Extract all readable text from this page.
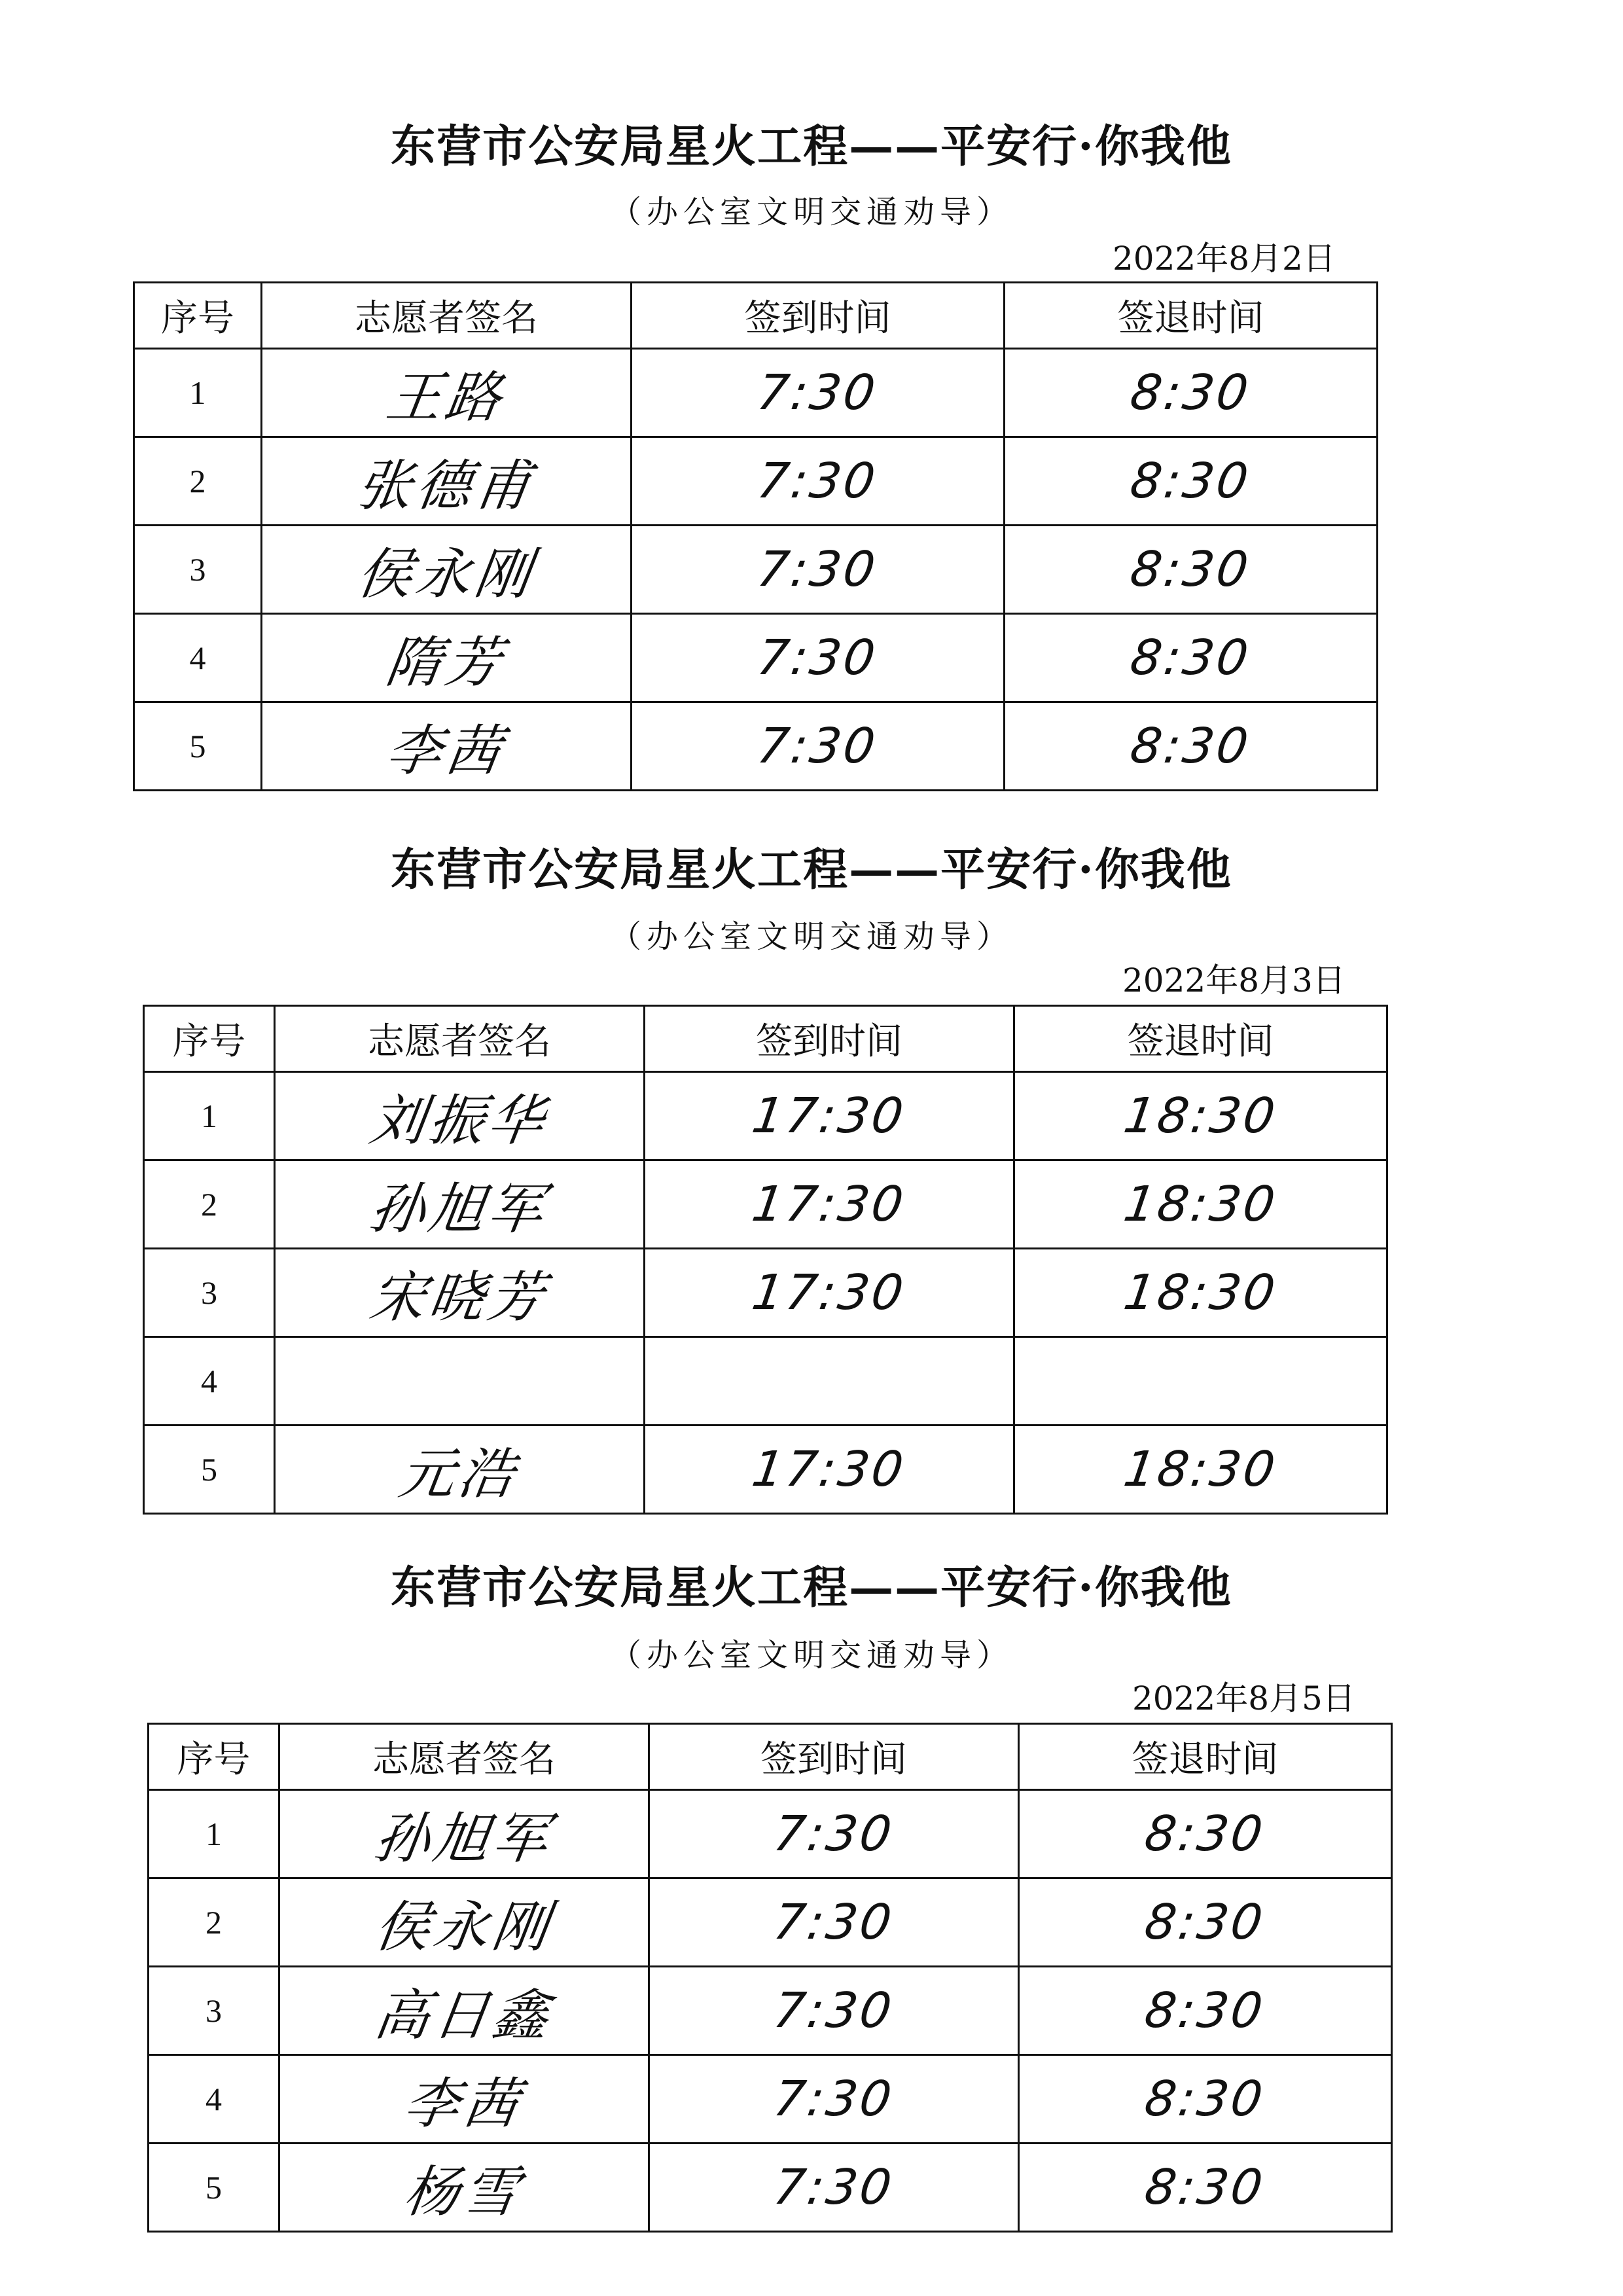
东营市公安局星火工程——平安行·你我他
（办公室文明交通劝导）
2022年8月2日
序号	志愿者签名	签到时间	签退时间
1	王路	7:30	8:30
2	张德甫	7:30	8:30
3	侯永刚	7:30	8:30
4	隋芳	7:30	8:30
5	李茜	7:30	8:30
东营市公安局星火工程——平安行·你我他
（办公室文明交通劝导）
2022年8月3日
序号	志愿者签名	签到时间	签退时间
1	刘振华	17:30	18:30
2	孙旭军	17:30	18:30
3	宋晓芳	17:30	18:30
4			
5	元浩	17:30	18:30
东营市公安局星火工程——平安行·你我他
（办公室文明交通劝导）
2022年8月5日
序号	志愿者签名	签到时间	签退时间
1	孙旭军	7:30	8:30
2	侯永刚	7:30	8:30
3	高日鑫	7:30	8:30
4	李茜	7:30	8:30
5	杨雪	7:30	8:30
